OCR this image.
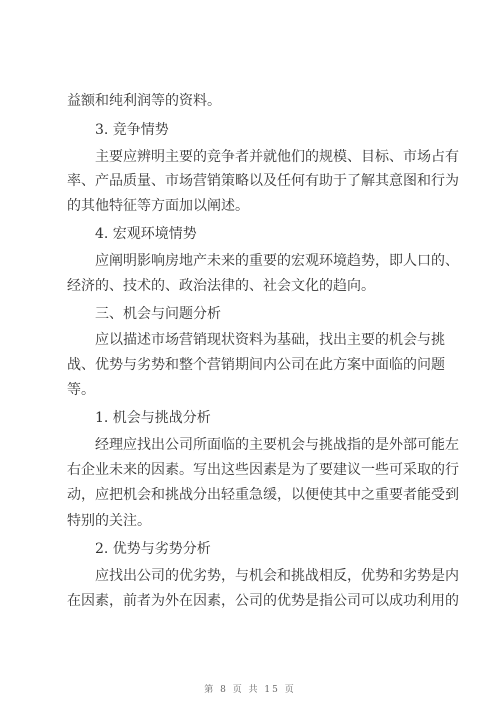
益额和纯利润等的资料。
3. 竞争情势
主要应辨明主要的竞争者并就他们的规模、目标、市场占有
率、产品质量、市场营销策略以及任何有助于了解其意图和行为
的其他特征等方面加以阐述。
4. 宏观环境情势
应阐明影响房地产未来的重要的宏观环境趋势，即人口的、
经济的、技术的、政治法律的、社会文化的趋向。
三、机会与问题分析
应以描述市场营销现状资料为基础，找出主要的机会与挑
战、优势与劣势和整个营销期间内公司在此方案中面临的问题
等。
1. 机会与挑战分析
经理应找出公司所面临的主要机会与挑战指的是外部可能左
右企业未来的因素。写出这些因素是为了要建议一些可采取的行
动，应把机会和挑战分出轻重急缓，以便使其中之重要者能受到
特别的关注。
2. 优势与劣势分析
应找出公司的优劣势，与机会和挑战相反，优势和劣势是内
在因素，前者为外在因素，公司的优势是指公司可以成功利用的
第 8 页 共 15 页
